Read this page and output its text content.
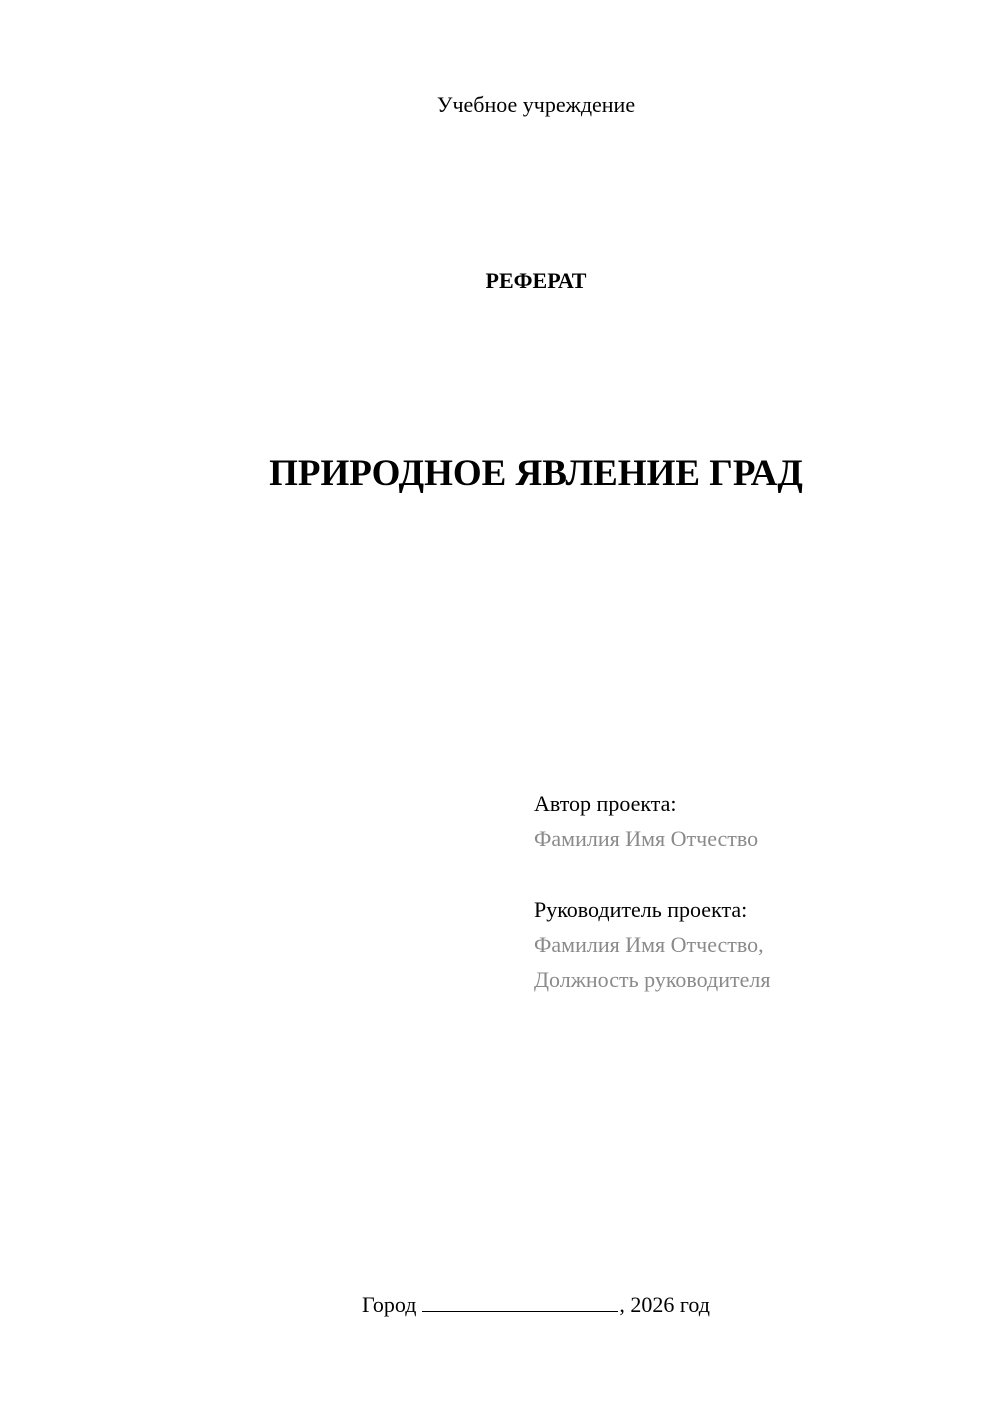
Учебное учреждение

РЕФЕРАТ

ПРИРОДНОЕ ЯВЛЕНИЕ ГРАД
Автор проекта:
Фамилия Имя Отчество
Руководитель проекта:
Фамилия Имя Отчество,
Должность руководителя

Город	, 2026 год
